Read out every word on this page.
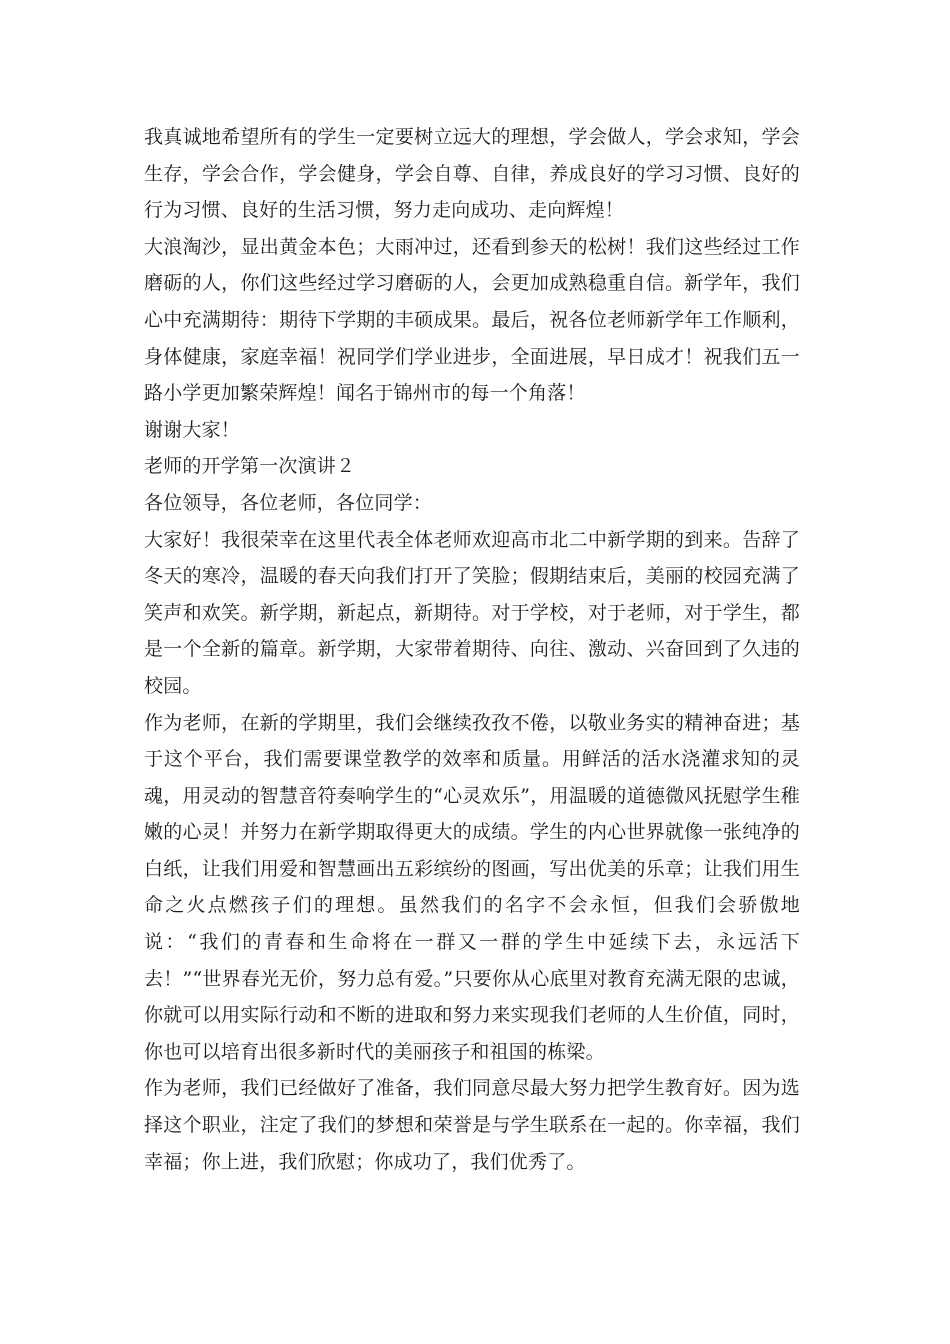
我真诚地希望所有的学生一定要树立远大的理想，学会做人，学会求知，学会生存，学会合作，学会健身，学会自尊、自律，养成良好的学习习惯、良好的行为习惯、良好的生活习惯，努力走向成功、走向辉煌！

大浪淘沙，显出黄金本色；大雨冲过，还看到参天的松树！我们这些经过工作磨砺的人，你们这些经过学习磨砺的人，会更加成熟稳重自信。新学年，我们心中充满期待：期待下学期的丰硕成果。最后，祝各位老师新学年工作顺利，身体健康，家庭幸福！祝同学们学业进步，全面进展，早日成才！祝我们五一路小学更加繁荣辉煌！闻名于锦州市的每一个角落！

谢谢大家！

老师的开学第一次演讲２

各位领导，各位老师，各位同学：

大家好！我很荣幸在这里代表全体老师欢迎高市北二中新学期的到来。告辞了冬天的寒冷，温暖的春天向我们打开了笑脸；假期结束后，美丽的校园充满了笑声和欢笑。新学期，新起点，新期待。对于学校，对于老师，对于学生，都是一个全新的篇章。新学期，大家带着期待、向往、激动、兴奋回到了久违的校园。

作为老师，在新的学期里，我们会继续孜孜不倦，以敬业务实的精神奋进；基于这个平台，我们需要课堂教学的效率和质量。用鲜活的活水浇灌求知的灵魂，用灵动的智慧音符奏响学生的“心灵欢乐”，用温暖的道德微风抚慰学生稚嫩的心灵！并努力在新学期取得更大的成绩。学生的内心世界就像一张纯净的白纸，让我们用爱和智慧画出五彩缤纷的图画，写出优美的乐章；让我们用生命之火点燃孩子们的理想。虽然我们的名字不会永恒，但我们会骄傲地说：“我们的青春和生命将在一群又一群的学生中延续下去，永远活下去！”“世界春光无价，努力总有爱。”只要你从心底里对教育充满无限的忠诚，你就可以用实际行动和不断的进取和努力来实现我们老师的人生价值，同时，你也可以培育出很多新时代的美丽孩子和祖国的栋梁。

作为老师，我们已经做好了准备，我们同意尽最大努力把学生教育好。因为选择这个职业，注定了我们的梦想和荣誉是与学生联系在一起的。你幸福，我们幸福；你上进，我们欣慰；你成功了，我们优秀了。
